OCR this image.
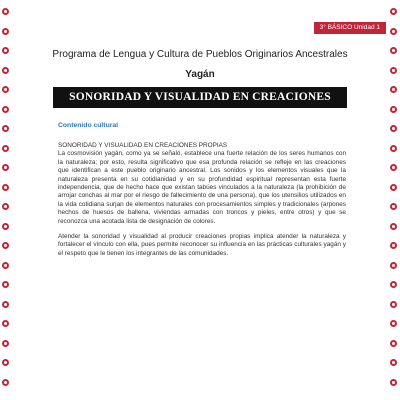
3° BÁSICO Unidad 1
Programa de Lengua y Cultura de Pueblos Originarios Ancestrales
Yagán
SONORIDAD Y VISUALIDAD EN CREACIONES PROPIAS
Contenido cultural

SONORIDAD Y VISUALIDAD EN CREACIONES PROPIAS

La cosmovisión yagán, como ya se señaló, establece una fuerte relación de los seres humanos con la naturaleza; por esto, resulta significativo que esa profunda relación se refleje en las creaciones que identifican a este pueblo originario ancestral. Los sonidos y los elementos visuales que la naturaleza presenta en su cotidianidad y en su profundidad espiritual representan esta fuerte independencia, que de hecho hace que existan tabúes vinculados a la naturaleza (la prohibición de arrojar conchas al mar por el riesgo de fallecimiento de una persona), que los utensilios utilizados en la vida cotidiana surjan de elementos naturales con procesamientos simples y tradicionales (arpones hechos de huesos de ballena, viviendas armadas con troncos y pieles, entre otros) y que se reconozca una acotada lista de designación de colores.

Atender la sonoridad y visualidad al producir creaciones propias implica atender la naturaleza y fortalecer el vínculo con ella, pues permite reconocer su influencia en las prácticas culturales yagán y el respeto que le tienen los integrantes de las comunidades.
